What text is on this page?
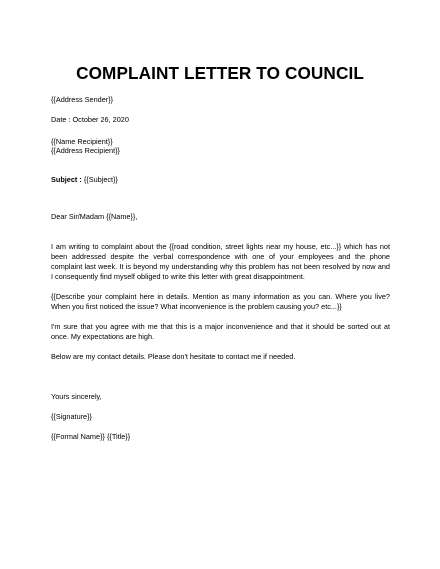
COMPLAINT LETTER TO COUNCIL
{{Address Sender}}
Date : October 26, 2020
{{Name Recipient}}
{{Address Recipient}}
Subject : {{Subject}}
Dear Sir/Madam {{Name}},
I am writing to complaint about the {{road condition, street lights near my house, etc...}} which has not been addressed despite the verbal correspondence with one of your employees and the phone complaint last week. It is beyond my understanding why this problem has not been resolved by now and I consequently find myself obliged to write this letter with great disappointment.
{{Describe your complaint here in details. Mention as many information as you can. Where you live? When you first noticed the issue? What inconvenience is the problem causing you? etc...}}
I'm sure that you agree with me that this is a major inconvenience and that it should be sorted out at once. My expectations are high.
Below are my contact details. Please don't hesitate to contact me if needed.
Yours sincerely,
{{Signature}}
{{Formal Name}} {{Title}}
